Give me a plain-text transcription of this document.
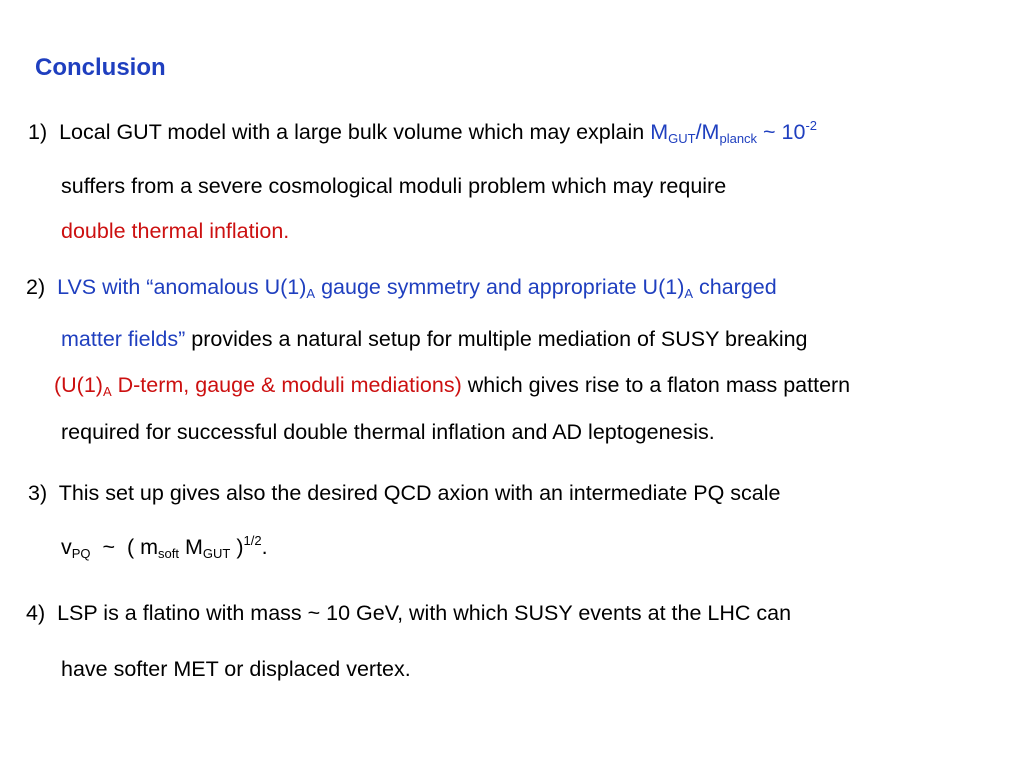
Conclusion
1) Local GUT model with a large bulk volume which may explain $M_{GUT}/M_{planck}$ ~ $10^{-2}$
suffers from a severe cosmological moduli problem which may require
double thermal inflation.
2) LVS with “anomalous $U(1)_A$ gauge symmetry and appropriate $U(1)_A$ charged
matter fields” provides a natural setup for multiple mediation of SUSY breaking
($U(1)_A$ D-term, gauge & moduli mediations) which gives rise to a flaton mass pattern
required for successful double thermal inflation and AD leptogenesis.
3) This set up gives also the desired QCD axion with an intermediate PQ scale
$v_{PQ}$  ~  ( $m_{soft}$ $M_{GUT}$ )$^{1/2}$.
4) LSP is a flatino with mass ~ 10 GeV, with which SUSY events at the LHC can
have softer MET or displaced vertex.
